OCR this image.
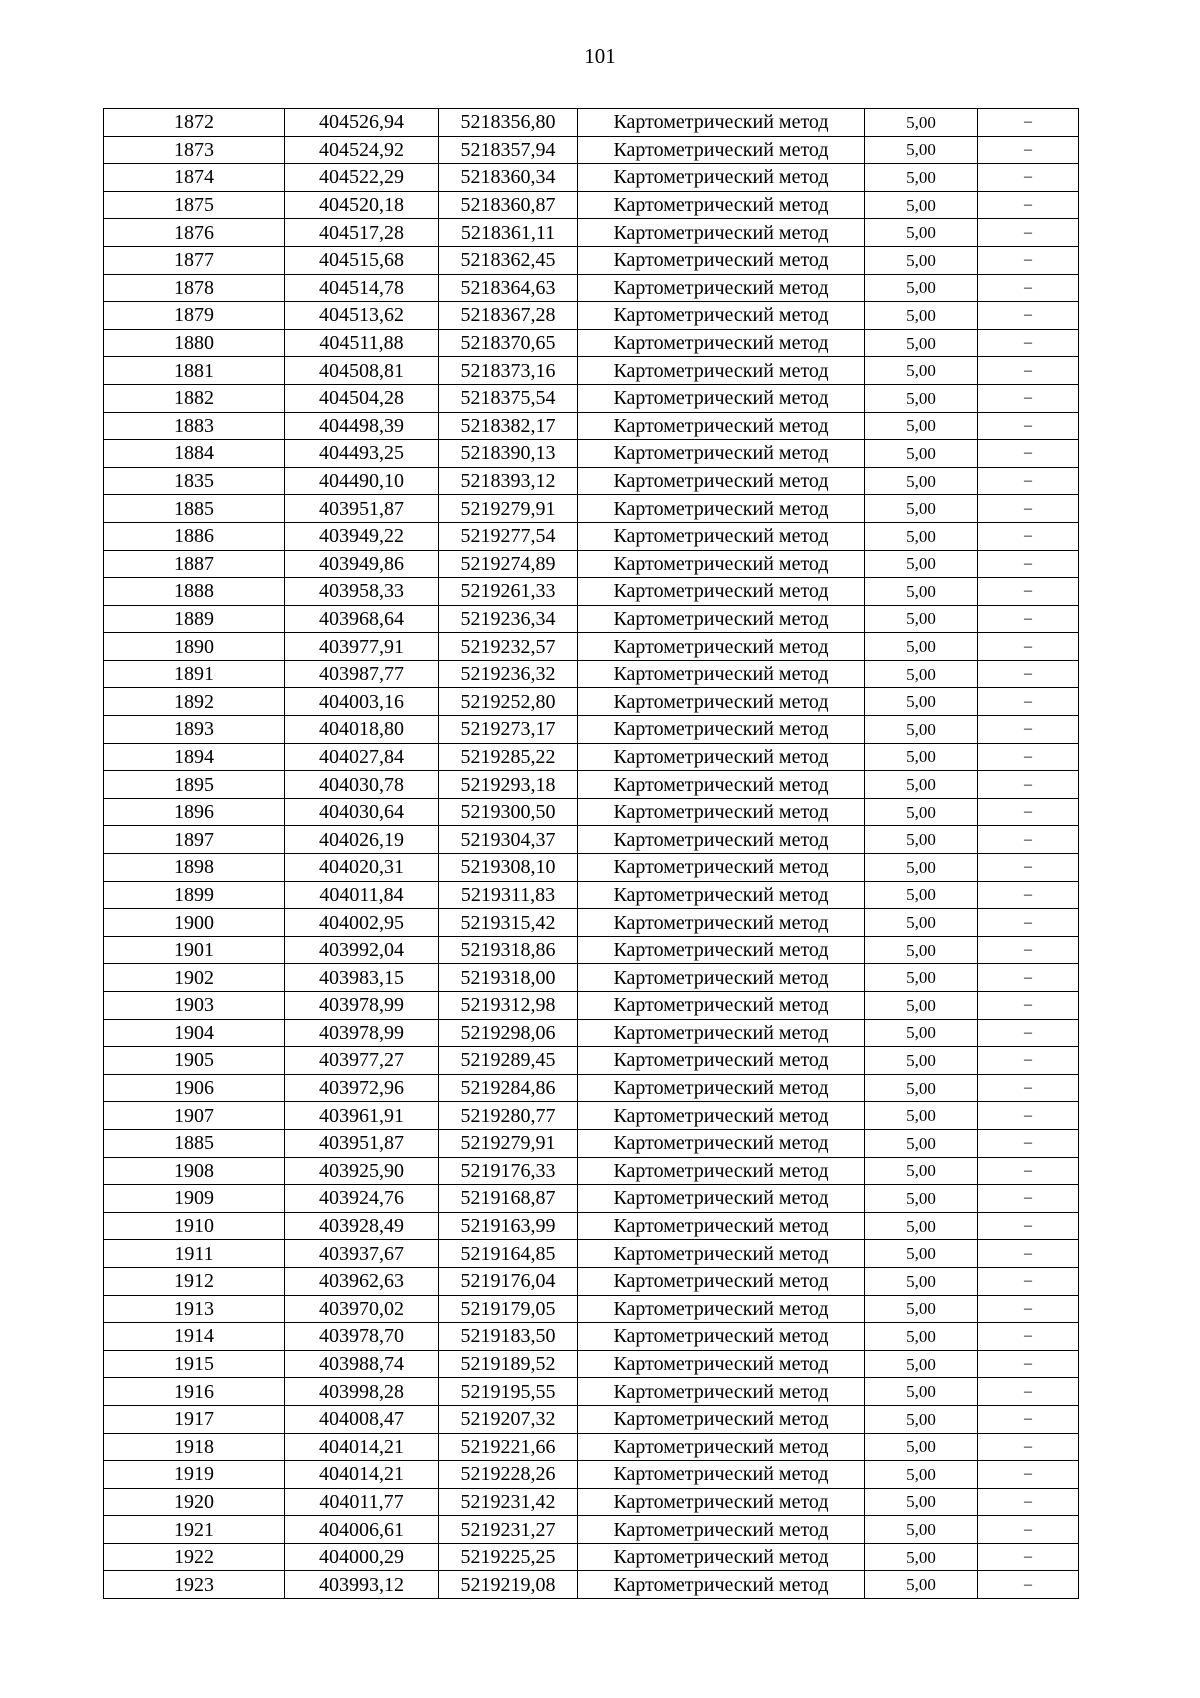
101
1872	404526,94	5218356,80	Картометрический метод	5,00	–
1873	404524,92	5218357,94	Картометрический метод	5,00	–
1874	404522,29	5218360,34	Картометрический метод	5,00	–
1875	404520,18	5218360,87	Картометрический метод	5,00	–
1876	404517,28	5218361,11	Картометрический метод	5,00	–
1877	404515,68	5218362,45	Картометрический метод	5,00	–
1878	404514,78	5218364,63	Картометрический метод	5,00	–
1879	404513,62	5218367,28	Картометрический метод	5,00	–
1880	404511,88	5218370,65	Картометрический метод	5,00	–
1881	404508,81	5218373,16	Картометрический метод	5,00	–
1882	404504,28	5218375,54	Картометрический метод	5,00	–
1883	404498,39	5218382,17	Картометрический метод	5,00	–
1884	404493,25	5218390,13	Картометрический метод	5,00	–
1835	404490,10	5218393,12	Картометрический метод	5,00	–
1885	403951,87	5219279,91	Картометрический метод	5,00	–
1886	403949,22	5219277,54	Картометрический метод	5,00	–
1887	403949,86	5219274,89	Картометрический метод	5,00	–
1888	403958,33	5219261,33	Картометрический метод	5,00	–
1889	403968,64	5219236,34	Картометрический метод	5,00	–
1890	403977,91	5219232,57	Картометрический метод	5,00	–
1891	403987,77	5219236,32	Картометрический метод	5,00	–
1892	404003,16	5219252,80	Картометрический метод	5,00	–
1893	404018,80	5219273,17	Картометрический метод	5,00	–
1894	404027,84	5219285,22	Картометрический метод	5,00	–
1895	404030,78	5219293,18	Картометрический метод	5,00	–
1896	404030,64	5219300,50	Картометрический метод	5,00	–
1897	404026,19	5219304,37	Картометрический метод	5,00	–
1898	404020,31	5219308,10	Картометрический метод	5,00	–
1899	404011,84	5219311,83	Картометрический метод	5,00	–
1900	404002,95	5219315,42	Картометрический метод	5,00	–
1901	403992,04	5219318,86	Картометрический метод	5,00	–
1902	403983,15	5219318,00	Картометрический метод	5,00	–
1903	403978,99	5219312,98	Картометрический метод	5,00	–
1904	403978,99	5219298,06	Картометрический метод	5,00	–
1905	403977,27	5219289,45	Картометрический метод	5,00	–
1906	403972,96	5219284,86	Картометрический метод	5,00	–
1907	403961,91	5219280,77	Картометрический метод	5,00	–
1885	403951,87	5219279,91	Картометрический метод	5,00	–
1908	403925,90	5219176,33	Картометрический метод	5,00	–
1909	403924,76	5219168,87	Картометрический метод	5,00	–
1910	403928,49	5219163,99	Картометрический метод	5,00	–
1911	403937,67	5219164,85	Картометрический метод	5,00	–
1912	403962,63	5219176,04	Картометрический метод	5,00	–
1913	403970,02	5219179,05	Картометрический метод	5,00	–
1914	403978,70	5219183,50	Картометрический метод	5,00	–
1915	403988,74	5219189,52	Картометрический метод	5,00	–
1916	403998,28	5219195,55	Картометрический метод	5,00	–
1917	404008,47	5219207,32	Картометрический метод	5,00	–
1918	404014,21	5219221,66	Картометрический метод	5,00	–
1919	404014,21	5219228,26	Картометрический метод	5,00	–
1920	404011,77	5219231,42	Картометрический метод	5,00	–
1921	404006,61	5219231,27	Картометрический метод	5,00	–
1922	404000,29	5219225,25	Картометрический метод	5,00	–
1923	403993,12	5219219,08	Картометрический метод	5,00	–
